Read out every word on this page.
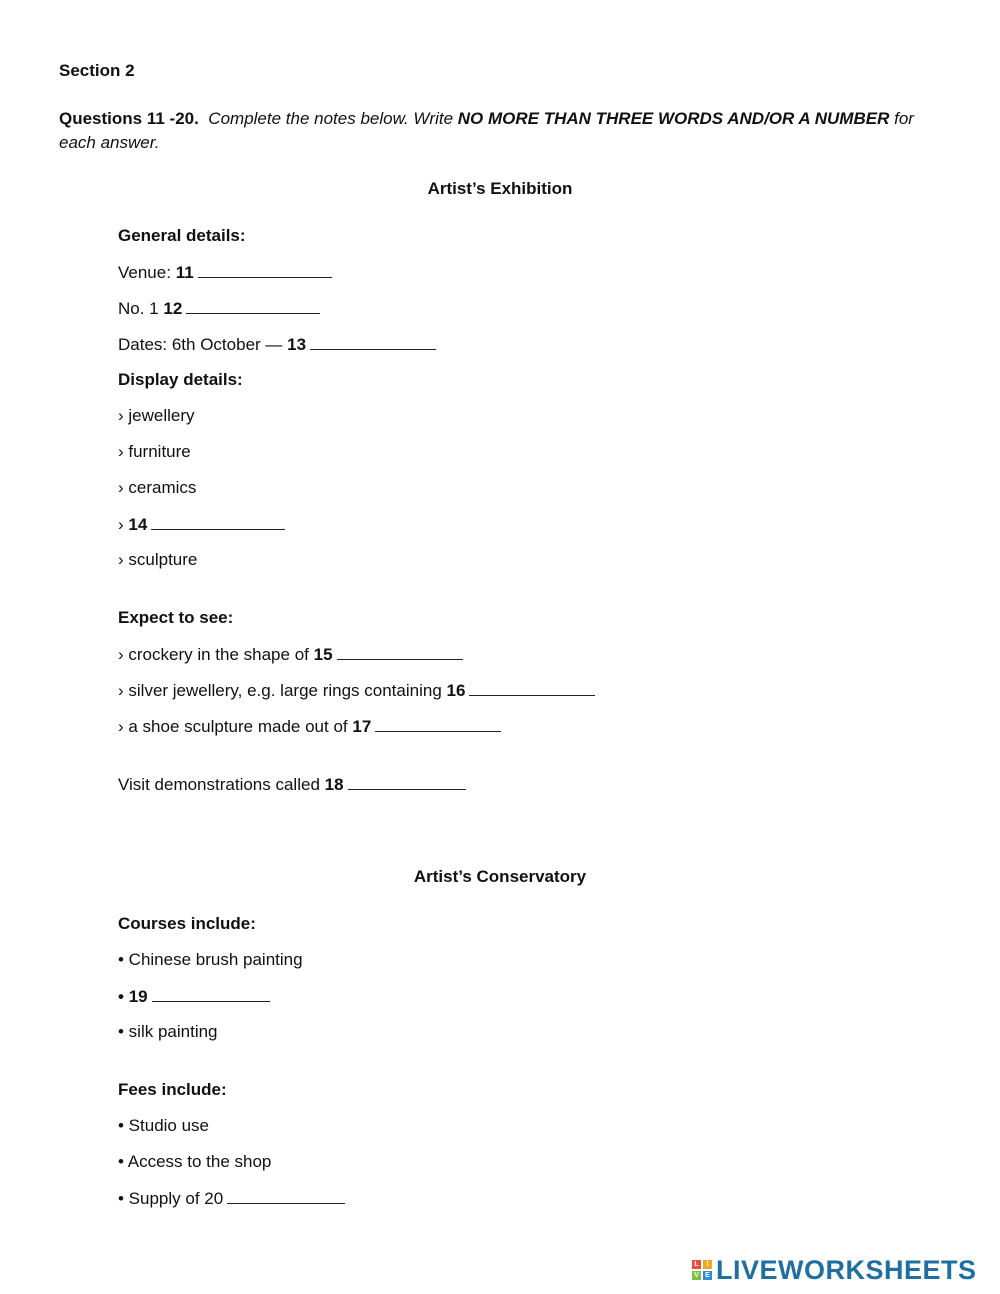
Section 2
Questions 11 -20. Complete the notes below. Write NO MORE THAN THREE WORDS AND/OR A NUMBER for each answer.
Artist’s Exhibition
General details:
Venue: 11
No. 1 12
Dates: 6th October — 13
Display details:
› jewellery
› furniture
› ceramics
› 14
› sculpture
Expect to see:
› crockery in the shape of 15
› silver jewellery, e.g. large rings containing 16
› a shoe sculpture made out of 17
Visit demonstrations called 18
Artist’s Conservatory
Courses include:
• Chinese brush painting
• 19
• silk painting
Fees include:
• Studio use
• Access to the shop
• Supply of 20
L	I
V E LIVEWORKSHEETS
